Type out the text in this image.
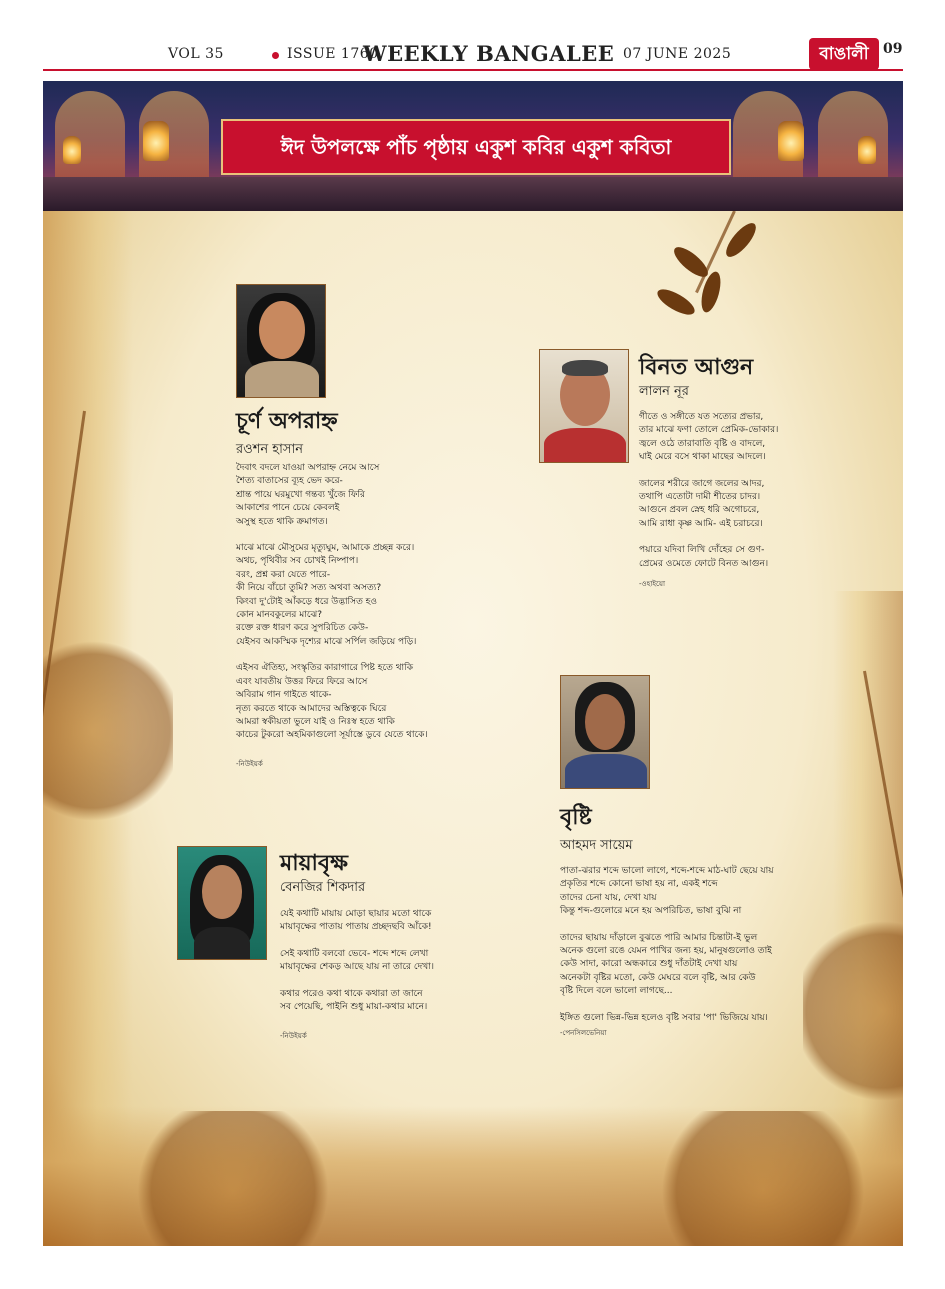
VOL 35	ISSUE 1760
WEEKLY BANGALEE 07 JUNE 2025	বাঙালী	09
ঈদ উপলক্ষে পাঁচ পৃষ্ঠায় একুশ কবির একুশ কবিতা
চূর্ণ অপরাহ্ন
রওশন হাসান

দৈবাৎ বদলে যাওয়া অপরাহ্ন নেমে আসে
শৈত্য বাতাসের ব্যূহ ভেদ করে-
শ্রান্ত পায়ে ঘরমুখো গন্তব্য খুঁজে ফিরি
আকাশের পানে চেয়ে কেবলই
অসুস্থ হতে থাকি ক্রমাগত।

মাঝে মাঝে মৌসুমের মৃত্যুঘুম, আমাকে প্রচ্ছন্ন করে।
অথচ, পৃথিবীর সব চোখই নিষ্পাপ।
বরং, প্রশ্ন করা যেতে পারে-
কী নিয়ে বাঁচো তুমি? সত্য অথবা অসত্য?
কিংবা দু'টোই আঁকড়ে ধরে উদ্ভাসিত হও
কোন মানবকুলের মাঝে?
রক্তে রক্ত ধারণ করে সুপরিচিত কেউ-
যেইসব আকস্মিক দৃশ্যের মাঝে সর্পিল জড়িয়ে পড়ি।

এইসব ঐতিহ্য, সংস্কৃতির কারাগারে পিষ্ট হতে থাকি
এবং যাবতীয় উত্তর ফিরে ফিরে আসে
অবিরাম গান গাইতে থাকে-
নৃত্য করতে থাকে আমাদের অস্তিত্বকে ঘিরে
আমরা স্বকীয়তা ভুলে যাই ও নিঃস্ব হতে থাকি
কাচের টুকরো অহমিকাগুলো সূর্যাস্তে ডুবে যেতে থাকে।

-নিউইয়র্ক
বিনত আগুন
লালন নূর

গীতে ও সঙ্গীতে যত সত্যের প্রভার,
তার মাঝে ফণা তোলে প্রেমিক-ভোকার।
জ্বলে ওঠে তারাবাতি বৃষ্টি ও বাদলে,
ঘাই মেরে বসে থাকা মাছের আদলে।

জালের শরীরে জাগে জলের আদর,
তথাপি এতোটা দামী শীতের চাদর।
আগুনে প্রবল স্নেহ ধরি অগোচরে,
আমি রাধা কৃষ্ণ আমি- এই চরাচরে।

পয়ারে যদিবা লিখি দোঁহের সে গুণ-
প্রেমের ওমেতে ফোটে বিনত আগুন।

-ওহাইয়ো
বৃষ্টি
আহমদ সায়েম

পাতা-ঝরার শব্দে ভালো লাগে, শব্দে-শব্দে মাঠ-ঘাট ছেয়ে যায়
প্রকৃতির শব্দে কোনো ভাষা হয় না, একই শব্দে
তাদের চেনা যায়, দেখা যায়
কিন্তু শব্দ-গুলোরে মনে হয় অপরিচিত, ভাষা বুঝি না

তাদের ছায়ায় দাঁড়ালে বুঝতে পারি আমার চিন্তাটা-ই ভুল
অনেক গুলো রঙে যেমন পাখির জন্য হয়, মানুষগুলোও তাই
কেউ সাদা, কারো অন্ধকারে শুধু দাঁতটাই দেখা যায়
অনেকটা বৃষ্টির মতো, কেউ মেঘরে বলে বৃষ্টি, আর কেউ
বৃষ্টি দিলে বলে ভালো লাগছে...

ইঙ্গিত গুলো ভিন্ন-ভিন্ন হলেও বৃষ্টি সবার 'পা' ভিজিয়ে যায়।

-পেনসিলভেনিয়া
মায়াবৃক্ষ
বেনজির শিকদার

যেই কথাটি মায়ায় মোড়া ছায়ার মতো থাকে
মায়াবৃক্ষের পাতায় পাতায় প্রচ্ছদছবি আঁকে!

সেই কথাটি বলবো ভেবে- শব্দে শব্দে লেখা
মায়াবৃক্ষের শেকড় আছে যায় না তারে দেখা।

কথার পরেও কথা থাকে কথারা তা জানে
সব পেয়েছি, পাইনি শুধু মায়া-কথার মানে।

-নিউইয়র্ক
